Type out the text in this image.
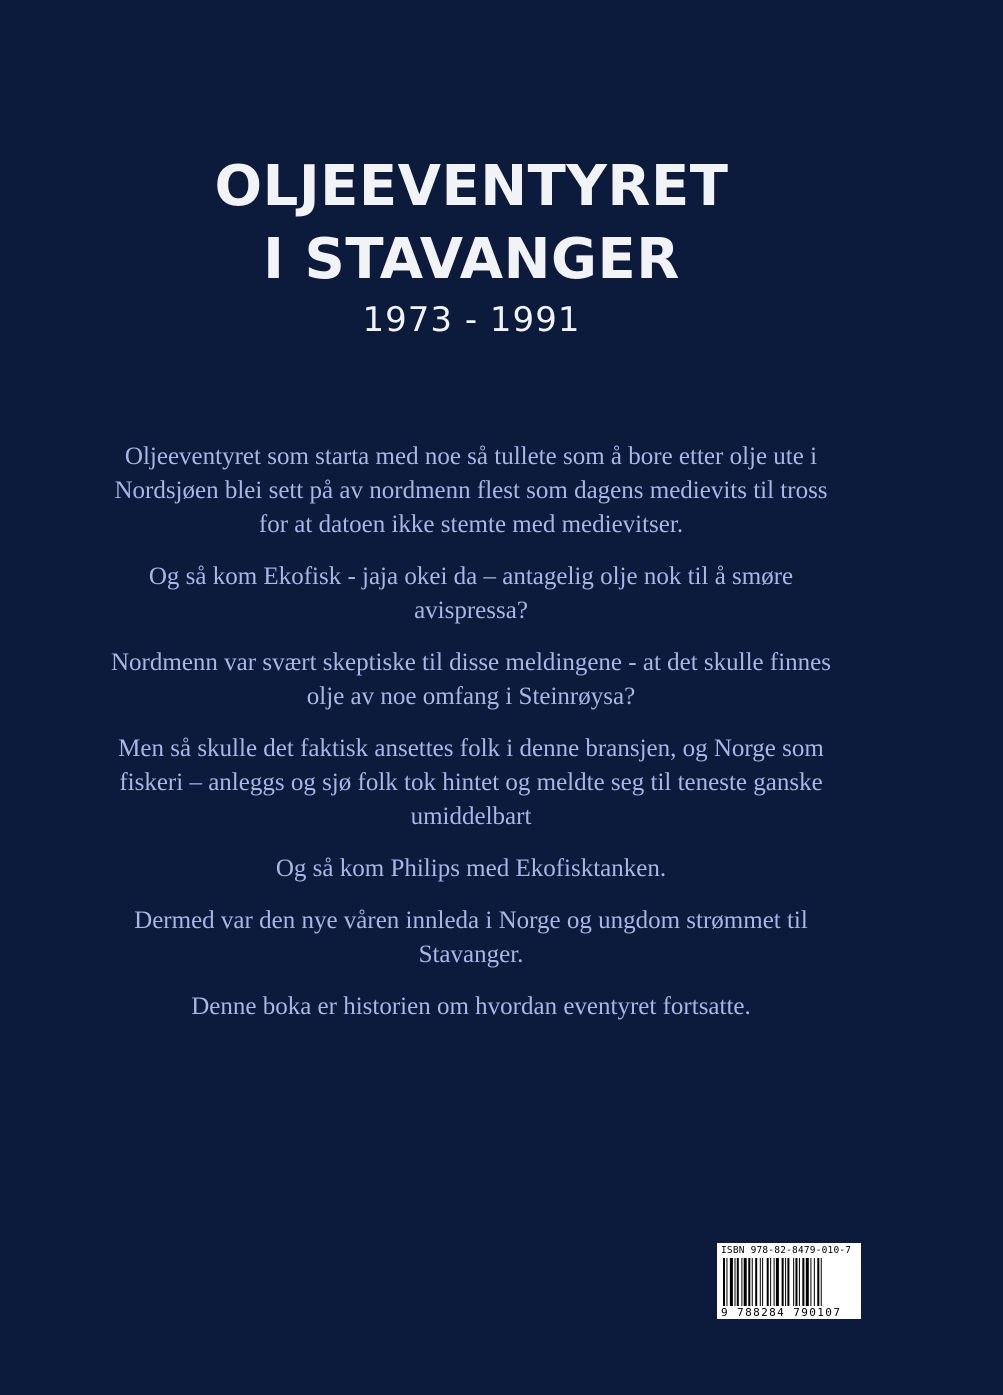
OLJEEVENTYRET
I STAVANGER
1973 - 1991

Oljeeventyret som starta med noe så tullete som å bore etter olje ute i Nordsjøen blei sett på av nordmenn flest som dagens medievits til tross for at datoen ikke stemte med medievitser.

Og så kom Ekofisk - jaja okei da – antagelig olje nok til å smøre avispressa?

Nordmenn var svært skeptiske til disse meldingene - at det skulle finnes olje av noe omfang i Steinrøysa?

Men så skulle det faktisk ansettes folk i denne bransjen, og Norge som fiskeri – anleggs og sjø folk tok hintet og meldte seg til teneste ganske umiddelbart

Og så kom Philips med Ekofisktanken.

Dermed var den nye våren innleda i Norge og ungdom strømmet til Stavanger.

Denne boka er historien om hvordan eventyret fortsatte.

ISBN 978-82-8479-010-7
9 788284 790107
